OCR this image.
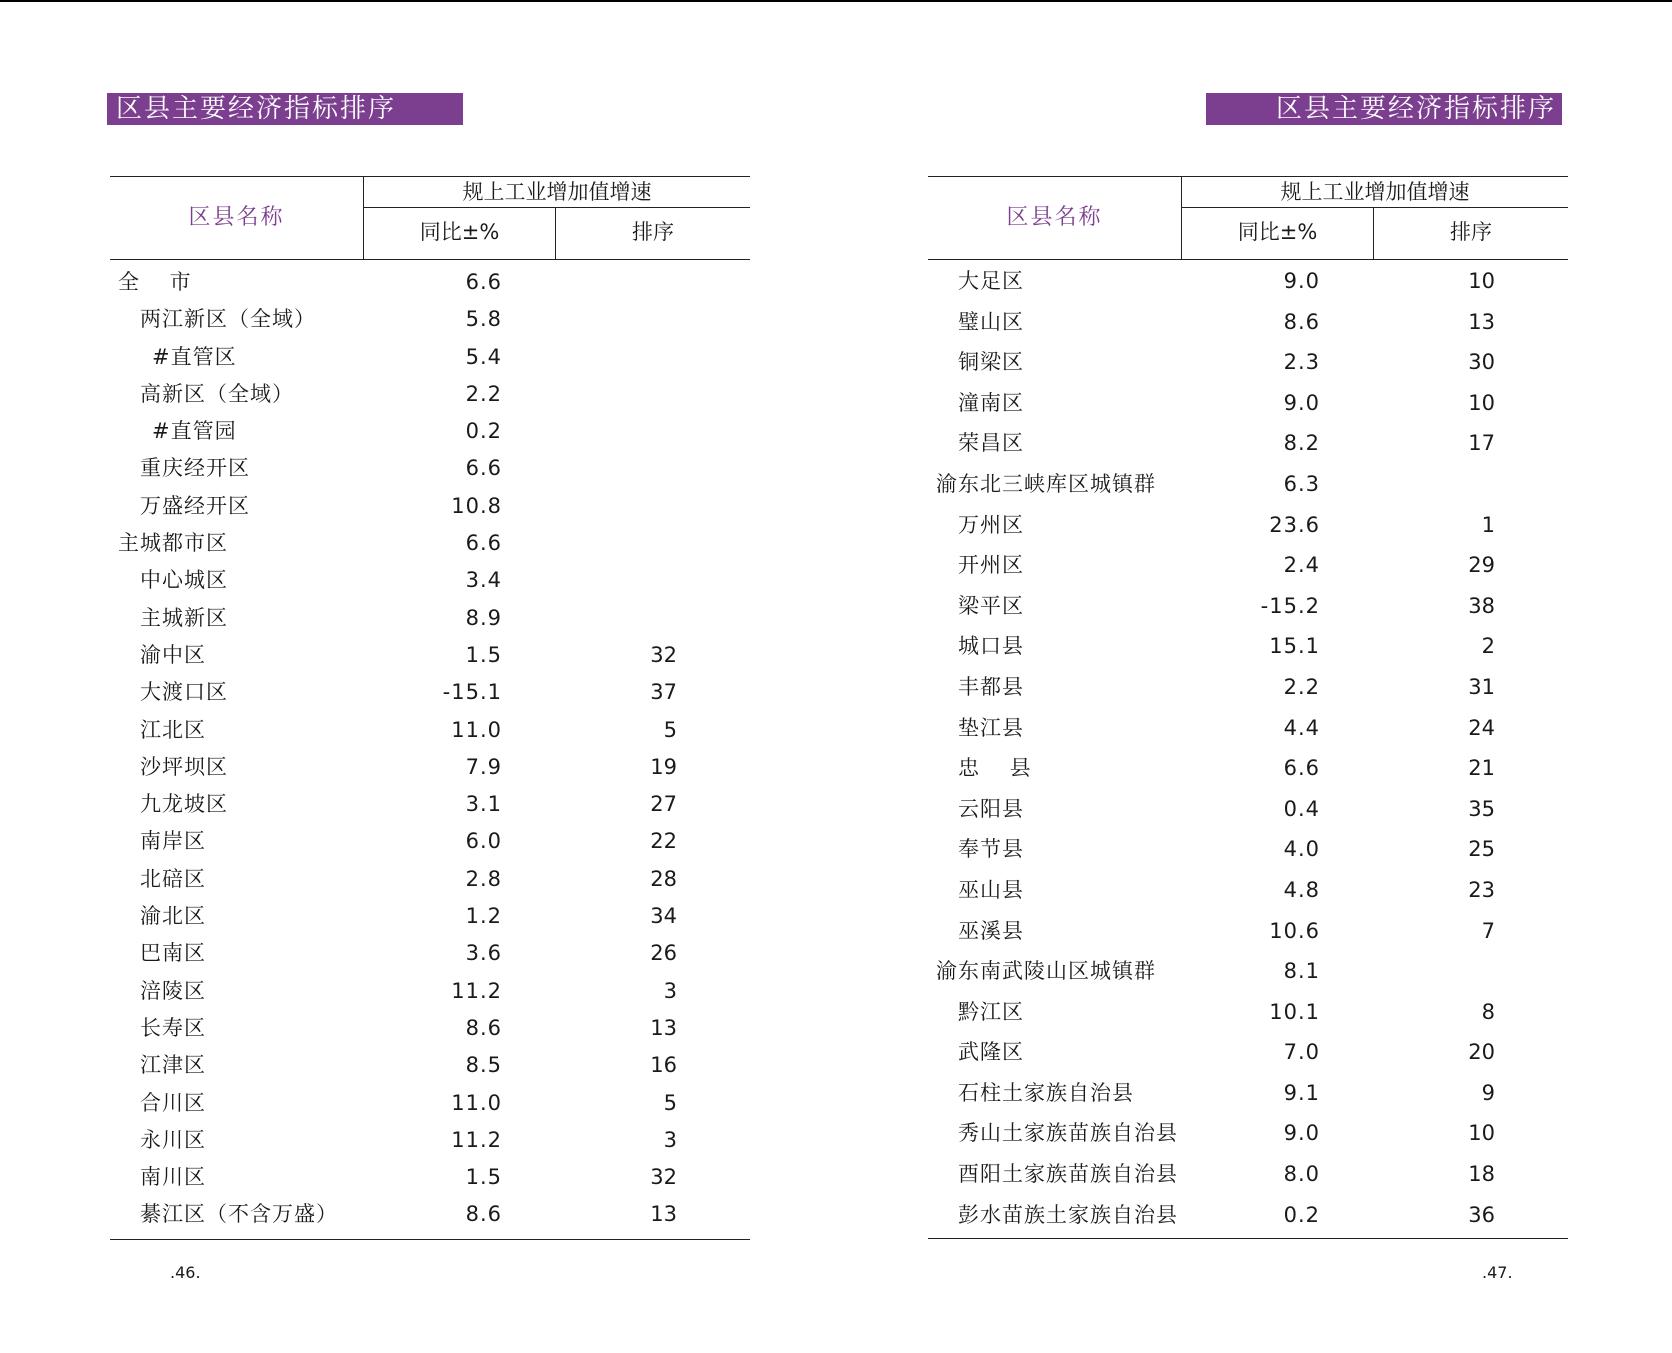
区县主要经济指标排序
区县名称
规上工业增加值增速
同比±%	排序
全　 市	6.6
两江新区（全域）	5.8
#直管区	5.4
高新区（全域）	2.2
#直管园	0.2
重庆经开区	6.6
万盛经开区	10.8
主城都市区	6.6
中心城区	3.4
主城新区	8.9
渝中区	1.5	32
大渡口区	-15.1	37
江北区	11.0	5
沙坪坝区	7.9	19
九龙坡区	3.1	27
南岸区	6.0	22
北碚区	2.8	28
渝北区	1.2	34
巴南区	3.6	26
涪陵区	11.2	3
长寿区	8.6	13
江津区	8.5	16
合川区	11.0	5
永川区	11.2	3
南川区	1.5	32
綦江区（不含万盛）	8.6	13
.46.
区县主要经济指标排序
区县名称
规上工业增加值增速
同比±%	排序
大足区	9.0	10
璧山区	8.6	13
铜梁区	2.3	30
潼南区	9.0	10
荣昌区	8.2	17
渝东北三峡库区城镇群	6.3
万州区	23.6	1
开州区	2.4	29
梁平区	-15.2	38
城口县	15.1	2
丰都县	2.2	31
垫江县	4.4	24
忠　 县	6.6	21
云阳县	0.4	35
奉节县	4.0	25
巫山县	4.8	23
巫溪县	10.6	7
渝东南武陵山区城镇群	8.1
黔江区	10.1	8
武隆区	7.0	20
石柱土家族自治县	9.1	9
秀山土家族苗族自治县	9.0	10
酉阳土家族苗族自治县	8.0	18
彭水苗族土家族自治县	0.2	36
.47.
